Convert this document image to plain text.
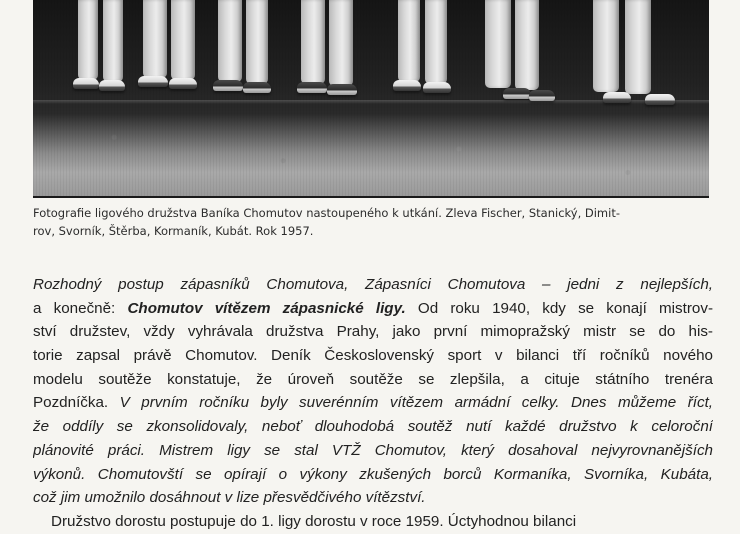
Fotografie ligového družstva Baníka Chomutov nastoupeného k utkání. Zleva Fischer, Stanický, Dimit-
rov, Svorník, Štěrba, Kormaník, Kubát. Rok 1957.
Rozhodný postup zápasníků Chomutova, Zápasníci Chomutova – jedni z nejlepších,
a konečně: Chomutov vítězem zápasnické ligy. Od roku 1940, kdy se konají mistrov-
ství družstev, vždy vyhrávala družstva Prahy, jako první mimopražský mistr se do his-
torie zapsal právě Chomutov. Deník Československý sport v bilanci tří ročníků nového
modelu soutěže konstatuje, že úroveň soutěže se zlepšila, a cituje státního trenéra
Pozdníčka. V prvním ročníku byly suverénním vítězem armádní celky. Dnes můžeme říct,
že oddíly se zkonsolidovaly, neboť dlouhodobá soutěž nutí každé družstvo k celoroční
plánovité práci. Mistrem ligy se stal VTŽ Chomutov, který dosahoval nejvyrovnanějších
výkonů. Chomutovští se opírají o výkony zkušených borců Kormaníka, Svorníka, Kubáta,
což jim umožnilo dosáhnout v lize přesvědčivého vítězství.
Družstvo dorostu postupuje do 1. ligy dorostu v roce 1959. Úctyhodnou bilanci
